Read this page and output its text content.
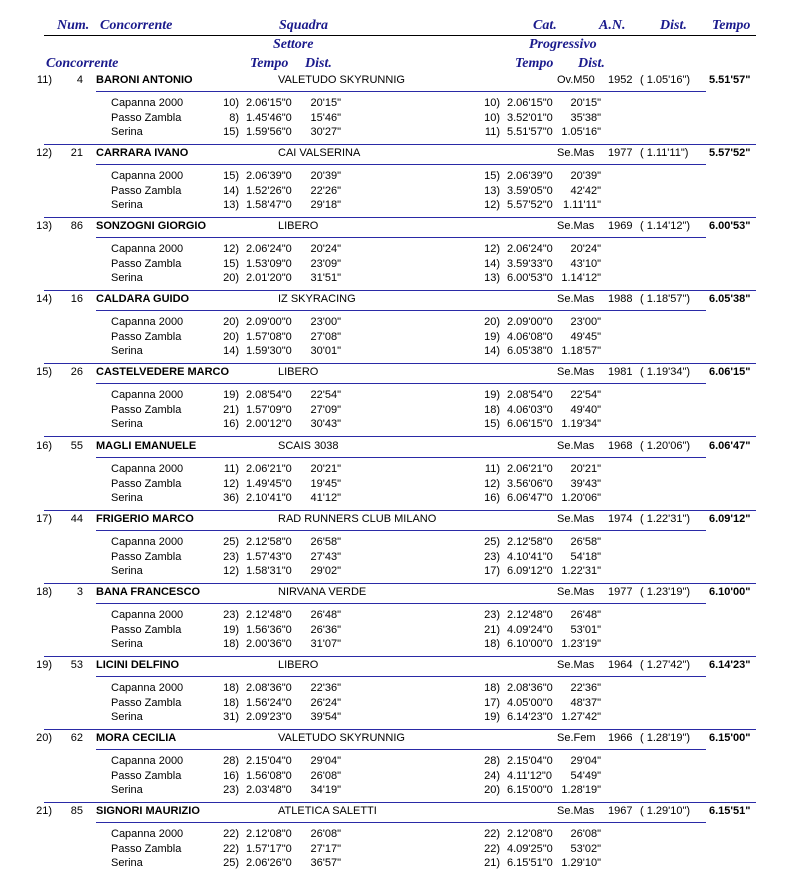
Num. Concorrente	Squadra	Cat.	A.N. Dist. Tempo
Settore	Progressivo
Concorrente	Tempo Dist.	Tempo Dist.
11)	4 BARONI ANTONIO	VALETUDO SKYRUNNIG	Ov.M50 1952 ( 1.05'16") 5.51'57"
Capanna 2000	10) 2.06'15"0	20'15"	10) 2.06'15"0	20'15"
Passo Zambla	8) 1.45'46"0	15'46"	10) 3.52'01"0	35'38"
Serina	15) 1.59'56"0	30'27"	11) 5.51'57"0 1.05'16"
12)	21 CARRARA IVANO	CAI VALSERINA	Se.Mas 1977 ( 1.11'11") 5.57'52"
Capanna 2000	15) 2.06'39"0	20'39"	15) 2.06'39"0	20'39"
Passo Zambla	14) 1.52'26"0	22'26"	13) 3.59'05"0	42'42"
Serina	13) 1.58'47"0	29'18"	12) 5.57'52"0 1.11'11"
13)	86 SONZOGNI GIORGIO	LIBERO	Se.Mas 1969 ( 1.14'12") 6.00'53"
Capanna 2000	12) 2.06'24"0	20'24"	12) 2.06'24"0	20'24"
Passo Zambla	15) 1.53'09"0	23'09"	14) 3.59'33"0	43'10"
Serina	20) 2.01'20"0	31'51"	13) 6.00'53"0 1.14'12"
14)	16 CALDARA GUIDO	IZ SKYRACING	Se.Mas 1988 ( 1.18'57") 6.05'38"
Capanna 2000	20) 2.09'00"0	23'00"	20) 2.09'00"0	23'00"
Passo Zambla	20) 1.57'08"0	27'08"	19) 4.06'08"0	49'45"
Serina	14) 1.59'30"0	30'01"	14) 6.05'38"0 1.18'57"
15)	26 CASTELVEDERE MARCO	LIBERO	Se.Mas 1981 ( 1.19'34") 6.06'15"
Capanna 2000	19) 2.08'54"0	22'54"	19) 2.08'54"0	22'54"
Passo Zambla	21) 1.57'09"0	27'09"	18) 4.06'03"0	49'40"
Serina	16) 2.00'12"0	30'43"	15) 6.06'15"0 1.19'34"
16)	55 MAGLI EMANUELE	SCAIS 3038	Se.Mas 1968 ( 1.20'06") 6.06'47"
Capanna 2000	11) 2.06'21"0	20'21"	11) 2.06'21"0	20'21"
Passo Zambla	12) 1.49'45"0	19'45"	12) 3.56'06"0	39'43"
Serina	36) 2.10'41"0	41'12"	16) 6.06'47"0 1.20'06"
17)	44 FRIGERIO MARCO	RAD RUNNERS CLUB MILANO	Se.Mas 1974 ( 1.22'31") 6.09'12"
Capanna 2000	25) 2.12'58"0	26'58"	25) 2.12'58"0	26'58"
Passo Zambla	23) 1.57'43"0	27'43"	23) 4.10'41"0	54'18"
Serina	12) 1.58'31"0	29'02"	17) 6.09'12"0 1.22'31"
18)	3 BANA FRANCESCO	NIRVANA VERDE	Se.Mas 1977 ( 1.23'19") 6.10'00"
Capanna 2000	23) 2.12'48"0	26'48"	23) 2.12'48"0	26'48"
Passo Zambla	19) 1.56'36"0	26'36"	21) 4.09'24"0	53'01"
Serina	18) 2.00'36"0	31'07"	18) 6.10'00"0 1.23'19"
19)	53 LICINI DELFINO	LIBERO	Se.Mas 1964 ( 1.27'42") 6.14'23"
Capanna 2000	18) 2.08'36"0	22'36"	18) 2.08'36"0	22'36"
Passo Zambla	18) 1.56'24"0	26'24"	17) 4.05'00"0	48'37"
Serina	31) 2.09'23"0	39'54"	19) 6.14'23"0 1.27'42"
20)	62 MORA CECILIA	VALETUDO SKYRUNNIG	Se.Fem 1966 ( 1.28'19") 6.15'00"
Capanna 2000	28) 2.15'04"0	29'04"	28) 2.15'04"0	29'04"
Passo Zambla	16) 1.56'08"0	26'08"	24) 4.11'12"0	54'49"
Serina	23) 2.03'48"0	34'19"	20) 6.15'00"0 1.28'19"
21)	85 SIGNORI MAURIZIO	ATLETICA SALETTI	Se.Mas 1967 ( 1.29'10") 6.15'51"
Capanna 2000	22) 2.12'08"0	26'08"	22) 2.12'08"0	26'08"
Passo Zambla	22) 1.57'17"0	27'17"	22) 4.09'25"0	53'02"
Serina	25) 2.06'26"0	36'57"	21) 6.15'51"0 1.29'10"
